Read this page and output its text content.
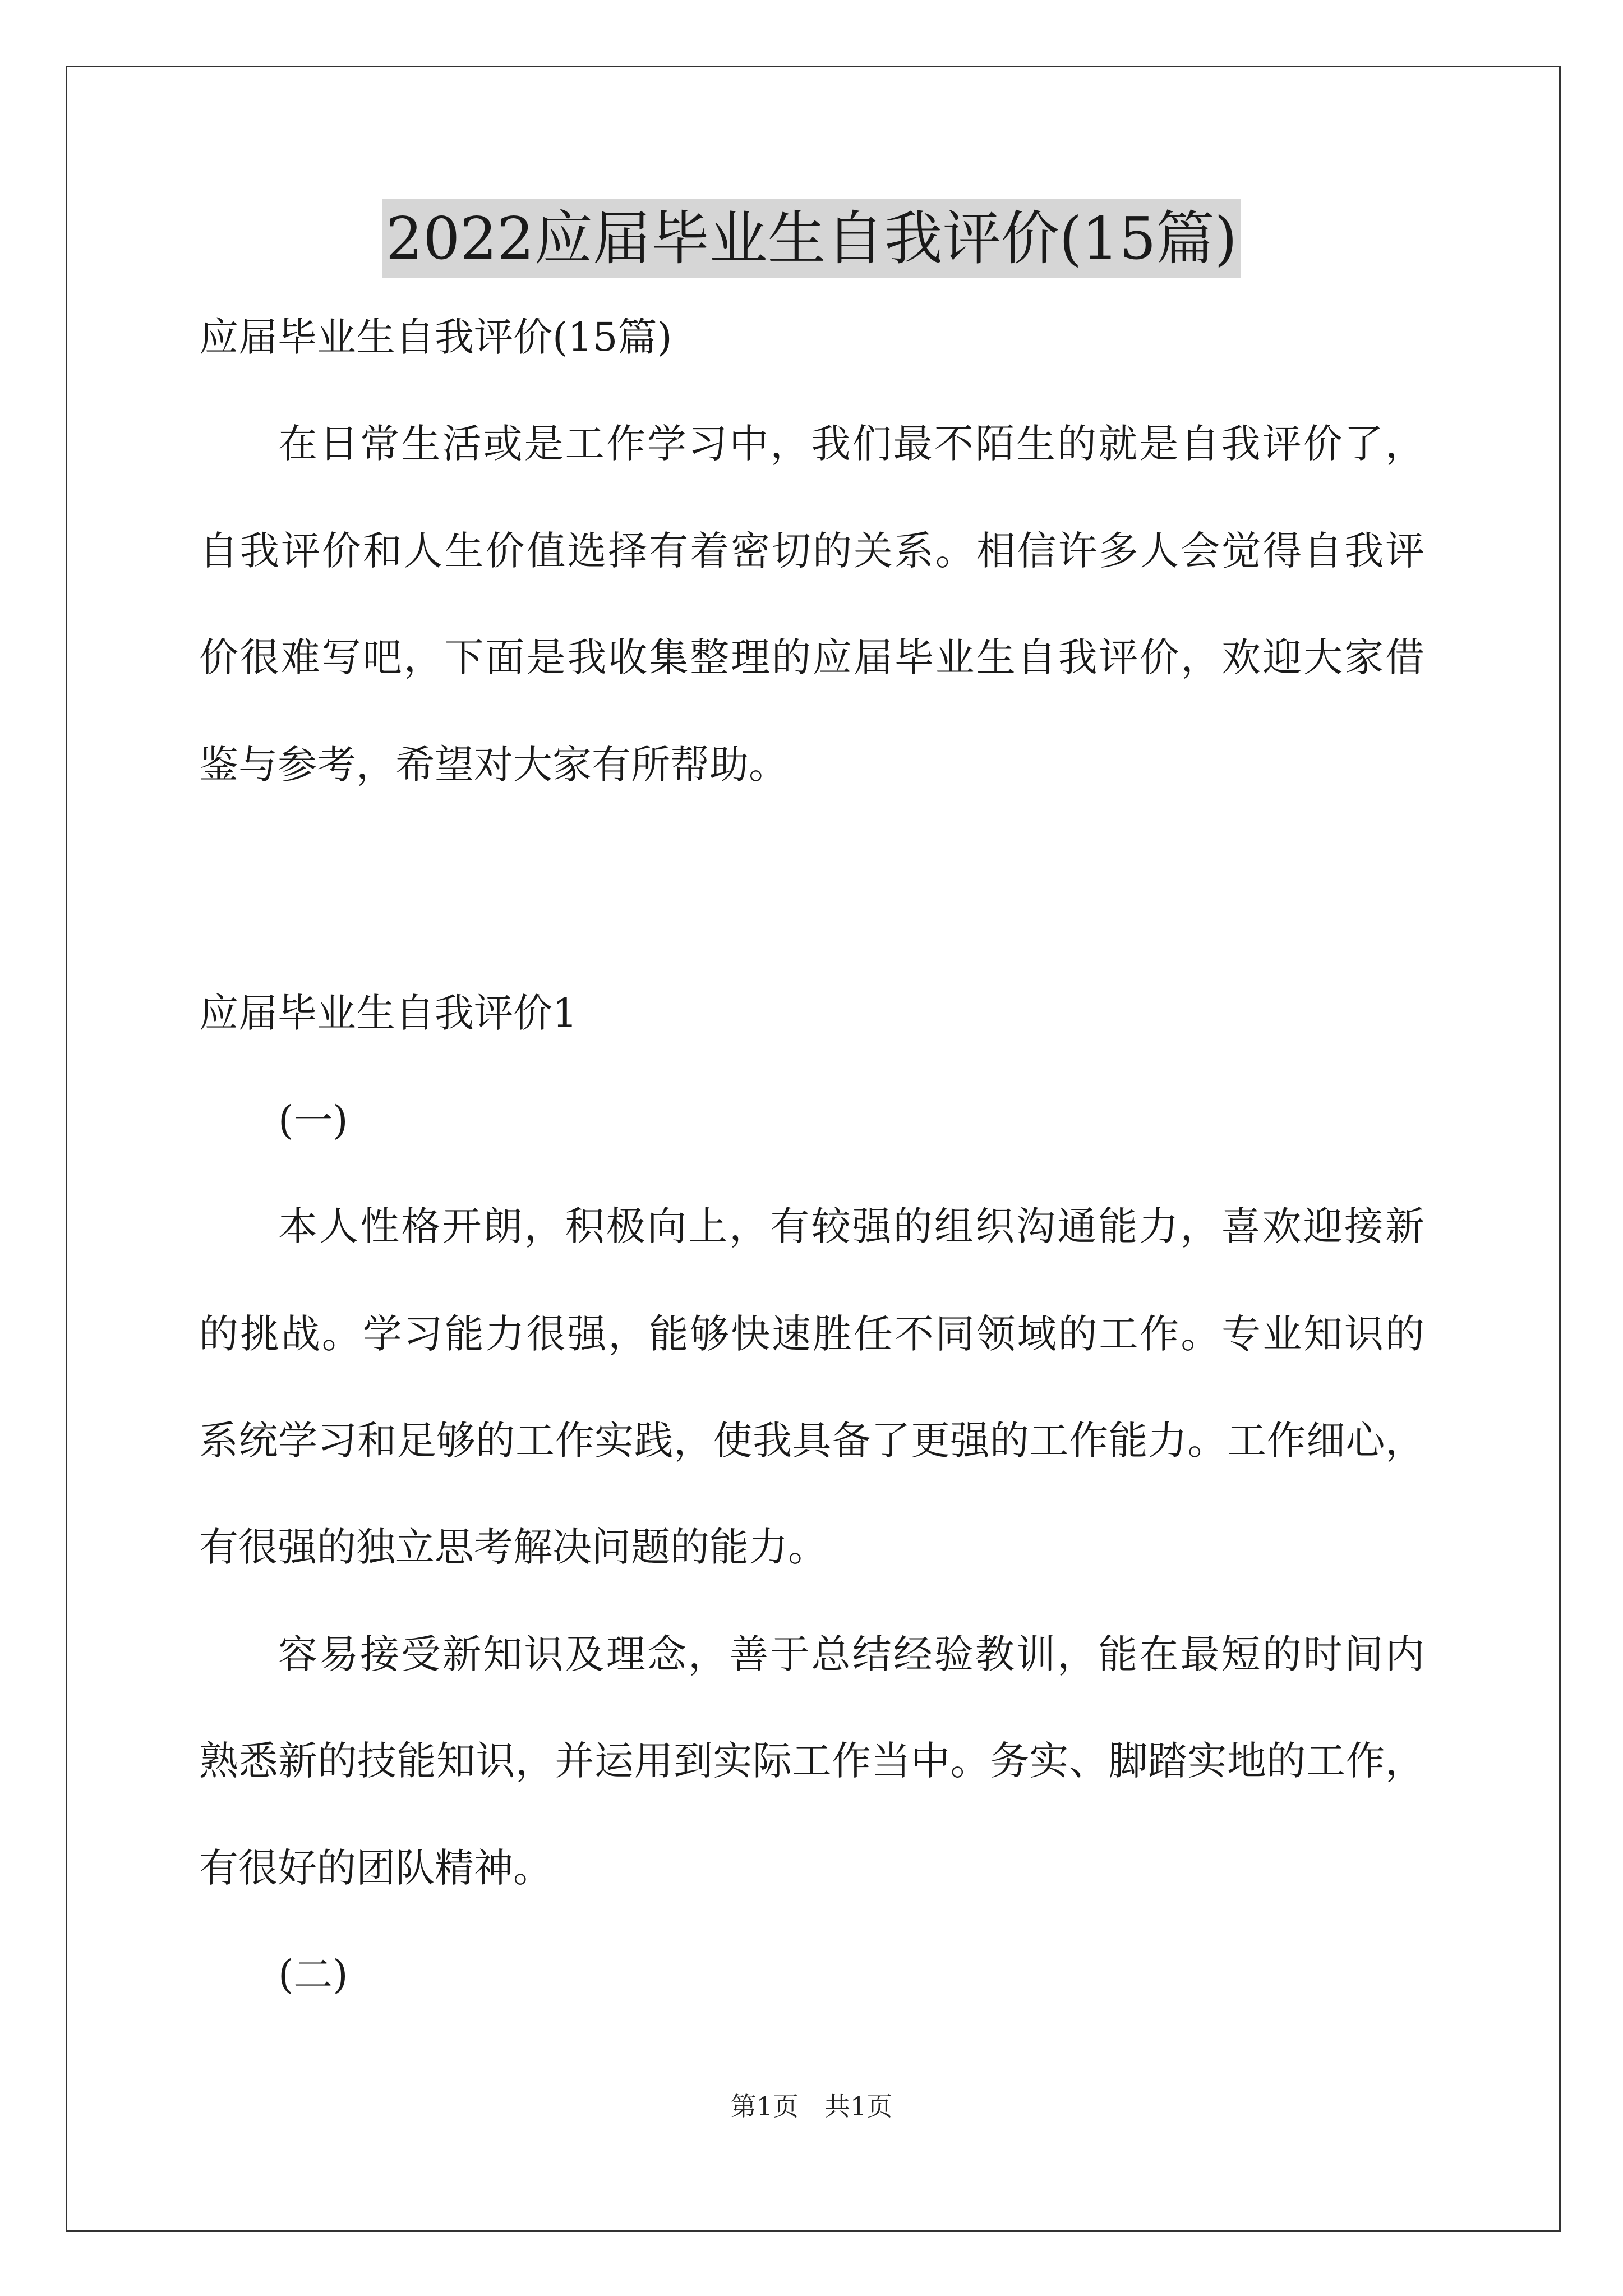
2022应届毕业生自我评价(15篇)
应届毕业生自我评价(15篇)
在日常生活或是工作学习中，我们最不陌生的就是自我评价了，
自我评价和人生价值选择有着密切的关系。相信许多人会觉得自我评
价很难写吧，下面是我收集整理的应届毕业生自我评价，欢迎大家借
鉴与参考，希望对大家有所帮助。
应届毕业生自我评价1
(一)
本人性格开朗，积极向上，有较强的组织沟通能力，喜欢迎接新
的挑战。学习能力很强，能够快速胜任不同领域的工作。专业知识的
系统学习和足够的工作实践，使我具备了更强的工作能力。工作细心，
有很强的独立思考解决问题的能力。
容易接受新知识及理念，善于总结经验教训，能在最短的时间内
熟悉新的技能知识，并运用到实际工作当中。务实、脚踏实地的工作，
有很好的团队精神。
(二)
第1页 共1页
